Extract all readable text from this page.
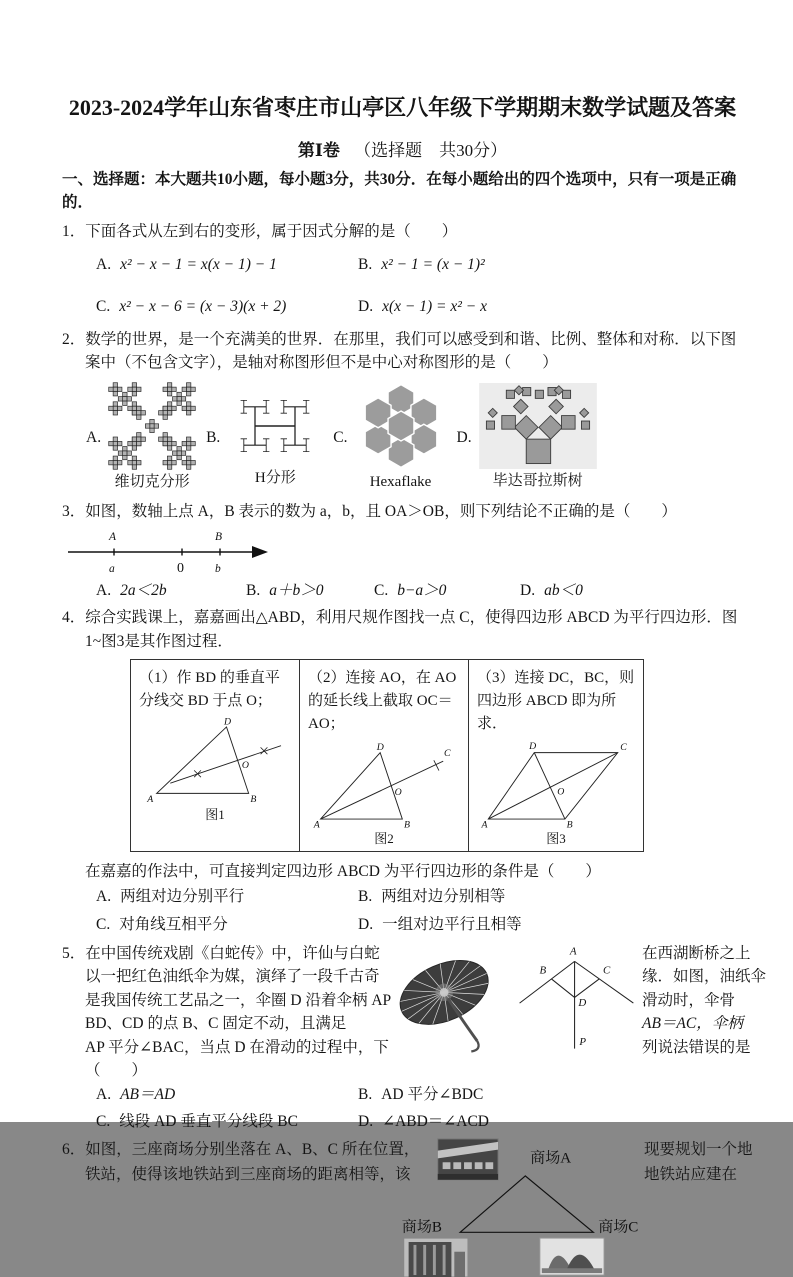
2023-2024学年山东省枣庄市山亭区八年级下学期期末数学试题及答案
第Ⅰ卷 （选择题　共30分）

一、选择题：本大题共10小题，每小题3分，共30分．在每小题给出的四个选项中，只有一项是正确的．

1．下面各式从左到右的变形，属于因式分解的是（　　）

A. x² − x − 1 = x(x − 1) − 1	B. x² − 1 = (x − 1)²
C. x² − x − 6 = (x − 3)(x + 2)	D. x(x − 1) = x² − x

2．数学的世界，是一个充满美的世界．在那里，我们可以感受到和谐、比例、整体和对称．以下图案中（不包含文字），是轴对称图形但不是中心对称图形的是（　　）

A.
维切克分形
B.
H分形
C.
Hexaflake
D.
毕达哥拉斯树

3．如图，数轴上点 A，B 表示的数为 a，b，且 OA＞OB，则下列结论不正确的是（　　）

A	B
a	0	b
A. 2a＜2b	B. a＋b＞0	C. b−a＞0	D. ab＜0

4．综合实践课上，嘉嘉画出△ABD，利用尺规作图找一点 C，使得四边形 ABCD 为平行四边形．图1~图3是其作图过程．

（1）作 BD 的垂直平分线交 BD 于点 O；

D
A	B
O
图1

（2）连接 AO，在 AO 的延长线上截取 OC＝AO；

D
C
O
A	B
图2

（3）连接 DC，BC，则四边形 ABCD 即为所求．

D	C
O
A	B
图3

在嘉嘉的作法中，可直接判定四边形 ABCD 为平行四边形的条件是（　　）

A. 两组对边分别平行	B. 两组对边分别相等
C. 对角线互相平分	D. 一组对边平行且相等
5．在中国传统戏剧《白蛇传》中，许仙与白蛇
以一把红色油纸伞为媒，演绎了一段千古奇
是我国传统工艺品之一，伞圈 D 沿着伞柄 AP
BD、CD 的点 B、C 固定不动，且满足
AP 平分∠BAC，当点 D 在滑动的过程中，下
（　　）
A
B	C
D
P
在西湖断桥之上
缘．如图，油纸伞
滑动时，伞骨
AB＝AC，伞柄
列说法错误的是
A. AB＝AD	B. AD 平分∠BDC
C. 线段 AD 垂直平分线段 BC	D. ∠ABD＝∠ACD
6．如图，三座商场分别坐落在 A、B、C 所在位置，
铁站，使得该地铁站到三座商场的距离相等，该
商场A
商场B	商场C
现要规划一个地
地铁站应建在
